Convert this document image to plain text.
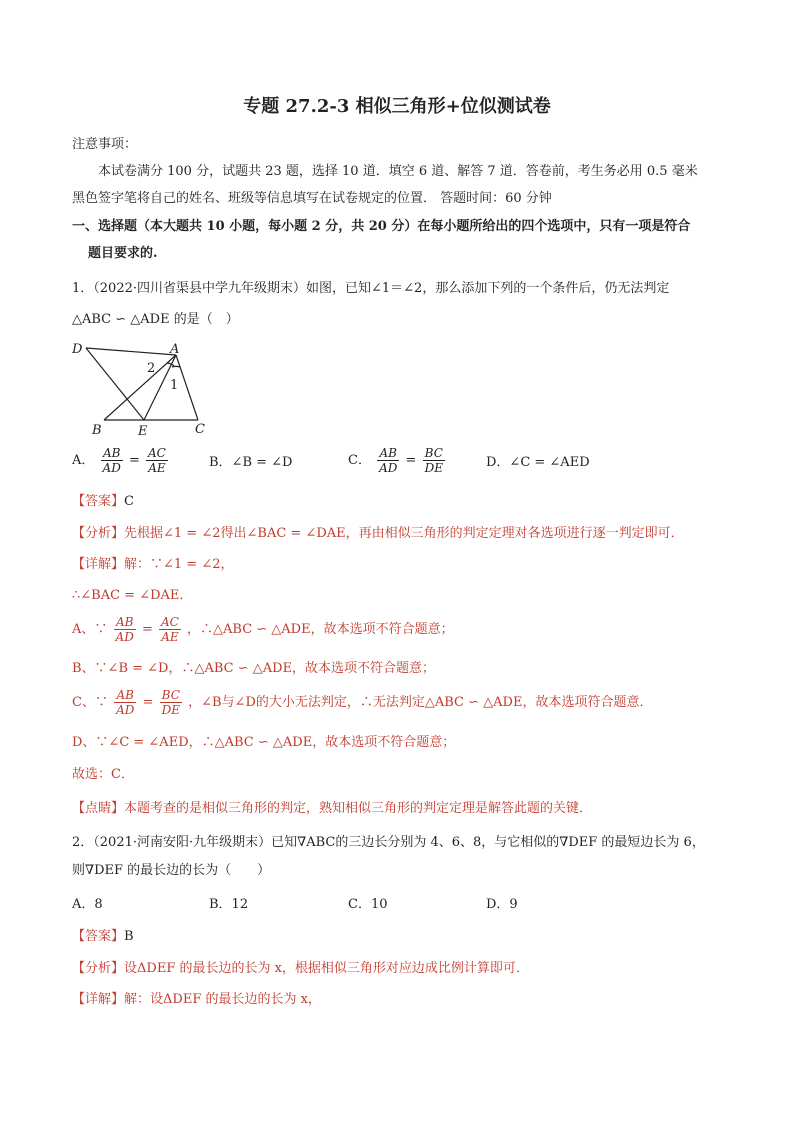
专题 27.2-3 相似三角形+位似测试卷
注意事项：
本试卷满分 100 分，试题共 23 题，选择 10 道．填空 6 道、解答 7 道．答卷前，考生务必用 0.5 毫米
黑色签字笔将自己的姓名、班级等信息填写在试卷规定的位置． 答题时间：60 分钟
一、选择题（本大题共 10 小题，每小题 2 分，共 20 分）在每小题所给出的四个选项中，只有一项是符合
题目要求的.
1．（2022·四川省渠县中学九年级期末）如图，已知∠1＝∠2，那么添加下列的一个条件后，仍无法判定
△ABC ∽ △ADE 的是（　）
D	A
B	E	C
2
1
A． $\frac{AB}{AD} = \frac{AC}{AE}$	B．∠B = ∠D	C． $\frac{AB}{AD} = \frac{BC}{DE}$	D．∠C = ∠AED
【答案】C
【分析】先根据∠1 = ∠2得出∠BAC = ∠DAE，再由相似三角形的判定定理对各选项进行逐一判定即可．
【详解】解：∵∠1 = ∠2，
∴∠BAC = ∠DAE．
A、∵ $\frac{AB}{AD} = \frac{AC}{AE}$ ，∴△ABC ∽ △ADE，故本选项不符合题意；
B、∵∠B = ∠D，∴△ABC ∽ △ADE，故本选项不符合题意；
C、∵ $\frac{AB}{AD} = \frac{BC}{DE}$ ，∠B与∠D的大小无法判定，∴无法判定△ABC ∽ △ADE，故本选项符合题意．
D、∵∠C = ∠AED，∴△ABC ∽ △ADE，故本选项不符合题意；
故选：C．
【点睛】本题考查的是相似三角形的判定，熟知相似三角形的判定定理是解答此题的关键．
2．（2021·河南安阳·九年级期末）已知∇ABC的三边长分别为 4、6、8，与它相似的∇DEF 的最短边长为 6，
则∇DEF 的最长边的长为（　　）
A．8	B．12	C．10	D．9
【答案】B
【分析】设ΔDEF 的最长边的长为 x，根据相似三角形对应边成比例计算即可．
【详解】解：设ΔDEF 的最长边的长为 x，
